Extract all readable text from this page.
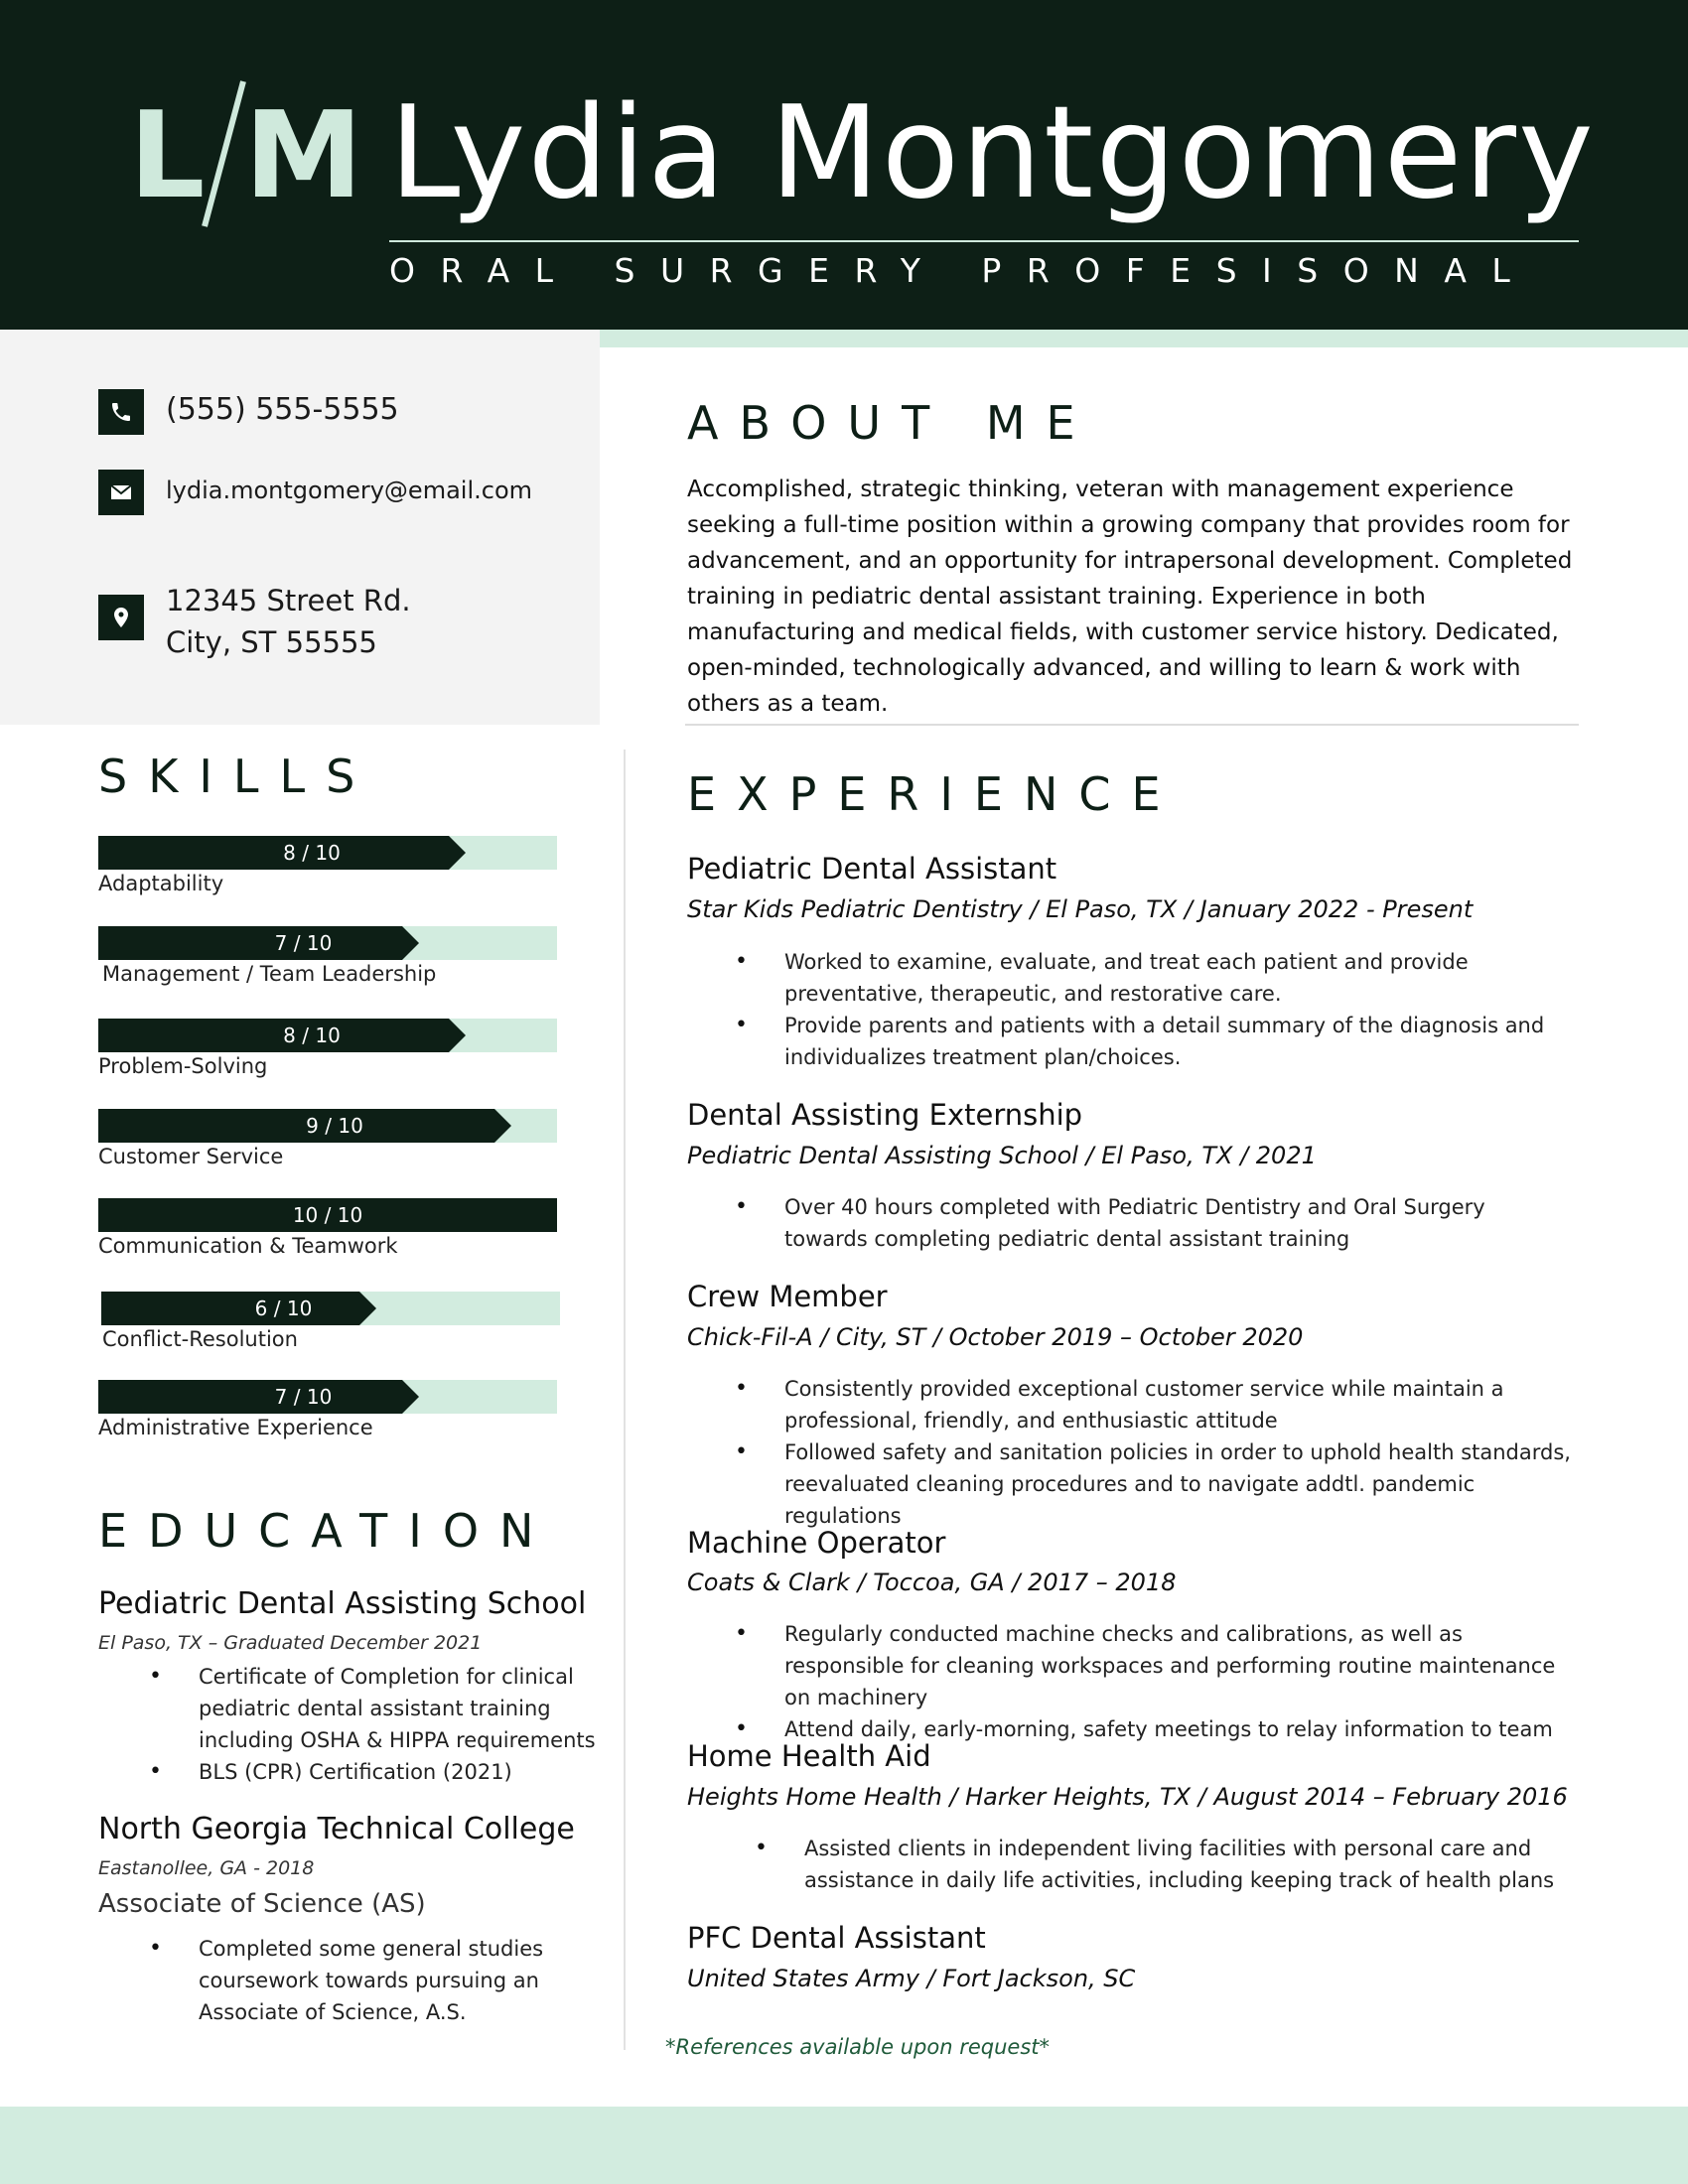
L M Lydia Montgomery
ORAL SURGERY PROFESISONAL
(555) 555-5555
lydia.montgomery@email.com
12345 Street Rd.
City, ST 55555
ABOUT ME
Accomplished, strategic thinking, veteran with management experience seeking a full-time position within a growing company that provides room for advancement, and an opportunity for intrapersonal development. Completed training in pediatric dental assistant training. Experience in both manufacturing and medical fields, with customer service history. Dedicated, open-minded, technologically advanced, and willing to learn & work with others as a team.
SKILLS
8 / 10
Adaptability
7 / 10
Management / Team Leadership
8 / 10
Problem-Solving
9 / 10
Customer Service
10 / 10
Communication & Teamwork
6 / 10
Conflict-Resolution
7 / 10
Administrative Experience
EDUCATION
Pediatric Dental Assisting School
El Paso, TX – Graduated December 2021
• Certificate of Completion for clinical pediatric dental assistant training including OSHA & HIPPA requirements
• BLS (CPR) Certification (2021)
North Georgia Technical College
Eastanollee, GA - 2018
Associate of Science (AS)
• Completed some general studies coursework towards pursuing an Associate of Science, A.S.
EXPERIENCE
Pediatric Dental Assistant
Star Kids Pediatric Dentistry / El Paso, TX / January 2022 - Present
• Worked to examine, evaluate, and treat each patient and provide preventative, therapeutic, and restorative care.
• Provide parents and patients with a detail summary of the diagnosis and individualizes treatment plan/choices.
Dental Assisting Externship
Pediatric Dental Assisting School / El Paso, TX / 2021
• Over 40 hours completed with Pediatric Dentistry and Oral Surgery towards completing pediatric dental assistant training
Crew Member
Chick-Fil-A / City, ST / October 2019 – October 2020
• Consistently provided exceptional customer service while maintain a professional, friendly, and enthusiastic attitude
• Followed safety and sanitation policies in order to uphold health standards, reevaluated cleaning procedures and to navigate addtl. pandemic regulations
Machine Operator
Coats & Clark / Toccoa, GA / 2017 – 2018
• Regularly conducted machine checks and calibrations, as well as responsible for cleaning workspaces and performing routine maintenance on machinery
• Attend daily, early-morning, safety meetings to relay information to team
Home Health Aid
Heights Home Health / Harker Heights, TX / August 2014 – February 2016
• Assisted clients in independent living facilities with personal care and assistance in daily life activities, including keeping track of health plans
PFC Dental Assistant
United States Army / Fort Jackson, SC
*References available upon request*
